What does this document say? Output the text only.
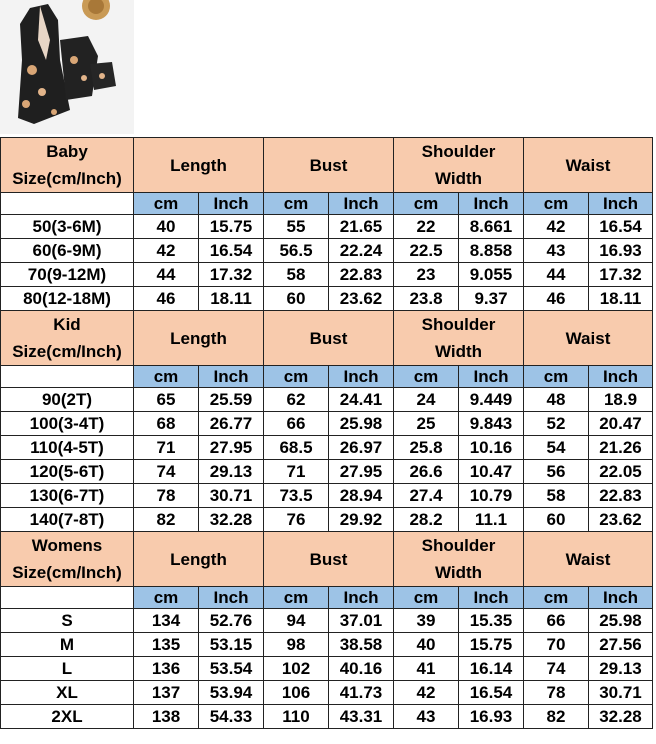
Baby
Size(cm/Inch)	Length		Bust		Shoulder Width		Waist	
	cm	Inch	cm	Inch	cm	Inch	cm	Inch
50(3-6M)	40	15.75	55	21.65	22	8.661	42	16.54
60(6-9M)	42	16.54	56.5	22.24	22.5	8.858	43	16.93
70(9-12M)	44	17.32	58	22.83	23	9.055	44	17.32
80(12-18M)	46	18.11	60	23.62	23.8	9.37	46	18.11

Kid
Size(cm/Inch)	Length		Bust		Shoulder Width		Waist	
	cm	Inch	cm	Inch	cm	Inch	cm	Inch
90(2T)	65	25.59	62	24.41	24	9.449	48	18.9
100(3-4T)	68	26.77	66	25.98	25	9.843	52	20.47
110(4-5T)	71	27.95	68.5	26.97	25.8	10.16	54	21.26
120(5-6T)	74	29.13	71	27.95	26.6	10.47	56	22.05
130(6-7T)	78	30.71	73.5	28.94	27.4	10.79	58	22.83
140(7-8T)	82	32.28	76	29.92	28.2	11.1	60	23.62

Womens
Size(cm/Inch)	Length		Bust		Shoulder Width		Waist	
	cm	Inch	cm	Inch	cm	Inch	cm	Inch
S	134	52.76	94	37.01	39	15.35	66	25.98
M	135	53.15	98	38.58	40	15.75	70	27.56
L	136	53.54	102	40.16	41	16.14	74	29.13
XL	137	53.94	106	41.73	42	16.54	78	30.71
2XL	138	54.33	110	43.31	43	16.93	82	32.28
